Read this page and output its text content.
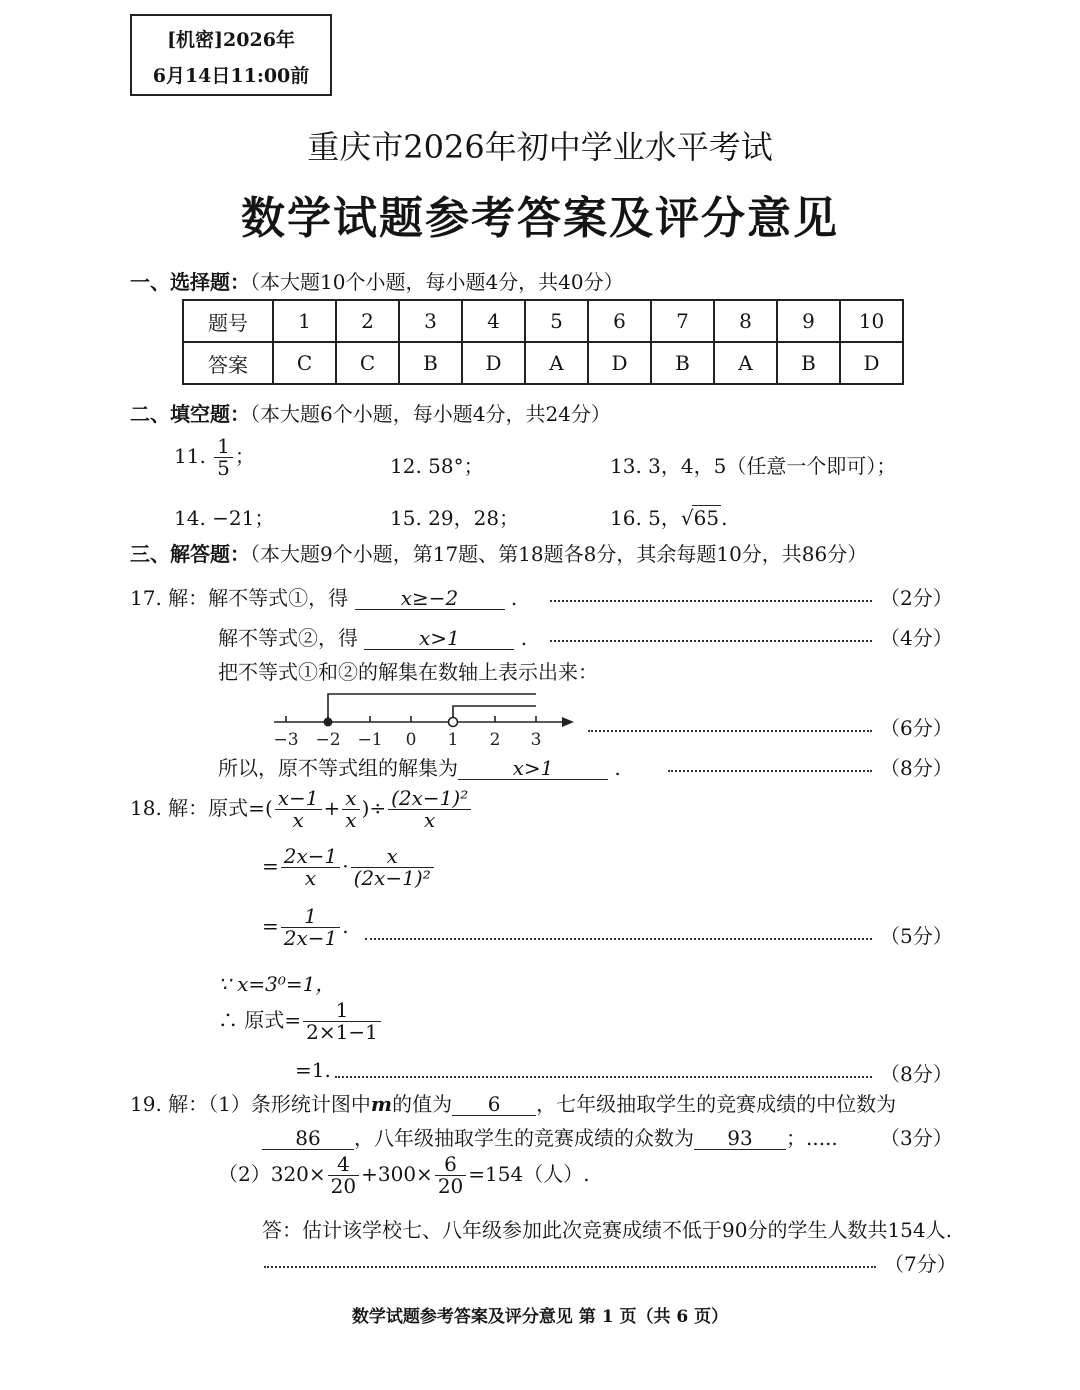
[机密]2026年
6月14日11:00前
重庆市2026年初中学业水平考试
数学试题参考答案及评分意见
一、选择题：（本大题10个小题，每小题4分，共40分）
题号	1	2	3	4	5	6	7	8	9	10
答案	C	C	B	D	A	D	B	A	B	D
二、填空题：（本大题6个小题，每小题4分，共24分）
11. $\frac{1}{5}$ ；	12. 58°；	13. 3，4，5（任意一个即可）；
14. −21；	15. 29，28；	16. 5，√65 .
三、解答题：（本大题9个小题，第17题、第18题各8分，其余每题10分，共86分）
17. 解：解不等式①，得	x≥−2 .	（2分）
解不等式②，得	x>1	.	（4分）
把不等式①和②的解集在数轴上表示出来：
−3 −2 −1 0 1 2 3	（6分）
所以，原不等式组的解集为	x>1	.	（8分）
18. 解：原式=( $\frac{x-1}{x} + \frac{x}{x}$ )÷ $\frac{\text{(2x−1)²}}{x}$
= $\frac{2x-1}{x} \cdot \frac{x}{\text{(2x−1)²}}$
= $\frac{1}{2x-1}$ .	（5分）
∵ x=3⁰=1，
∴ 原式= $\frac{1}{2\times 1-1}$
=1.	（8分）
19. 解：（1）条形统计图中m的值为 6 ，七年级抽取学生的竞赛成绩的中位数为
86 ，八年级抽取学生的竞赛成绩的众数为 93 ；..... （3分）
$(2)320\times \frac{4}{20} +300\times \frac{6}{20} =154$（人）.
答：估计该学校七、八年级参加此次竞赛成绩不低于90分的学生人数共154人.
（7分）
数学试题参考答案及评分意见 第 1 页（共 6 页）
